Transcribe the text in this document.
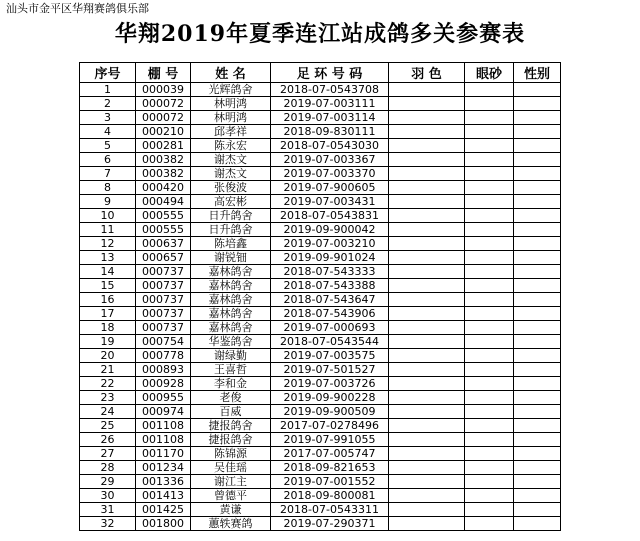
汕头市金平区华翔赛鸽俱乐部
华翔2019年夏季连江站成鸽多关参赛表
序号	棚 号	姓 名	足 环 号 码	羽 色	眼砂	性别
1	000039	光辉鸽舍	2018-07-0543708			
2	000072	林明鸿	2019-07-003111			
3	000072	林明鸿	2019-07-003114			
4	000210	邱孝祥	2018-09-830111			
5	000281	陈永宏	2018-07-0543030			
6	000382	谢杰文	2019-07-003367			
7	000382	谢杰文	2019-07-003370			
8	000420	张俊波	2019-07-900605			
9	000494	高宏彬	2019-07-003431			
10	000555	日升鸽舍	2018-07-0543831			
11	000555	日升鸽舍	2019-09-900042			
12	000637	陈培鑫	2019-07-003210			
13	000657	谢锐钿	2019-09-901024			
14	000737	嘉林鸽舍	2018-07-543333			
15	000737	嘉林鸽舍	2018-07-543388			
16	000737	嘉林鸽舍	2018-07-543647			
17	000737	嘉林鸽舍	2018-07-543906			
18	000737	嘉林鸽舍	2019-07-000693			
19	000754	华鉴鸽舍	2018-07-0543544			
20	000778	谢绿勤	2019-07-003575			
21	000893	王喜哲	2019-07-501527			
22	000928	李和金	2019-07-003726			
23	000955	老俊	2019-09-900228			
24	000974	百威	2019-09-900509			
25	001108	捷报鸽舍	2017-07-0278496			
26	001108	捷报鸽舍	2019-07-991055			
27	001170	陈锦源	2017-07-005747			
28	001234	吴佳瑶	2018-09-821653			
29	001336	谢江主	2019-07-001552			
30	001413	曾德平	2018-09-800081			
31	001425	黄谦	2018-07-0543311			
32	001800	蕙轶赛鸽	2019-07-290371			
